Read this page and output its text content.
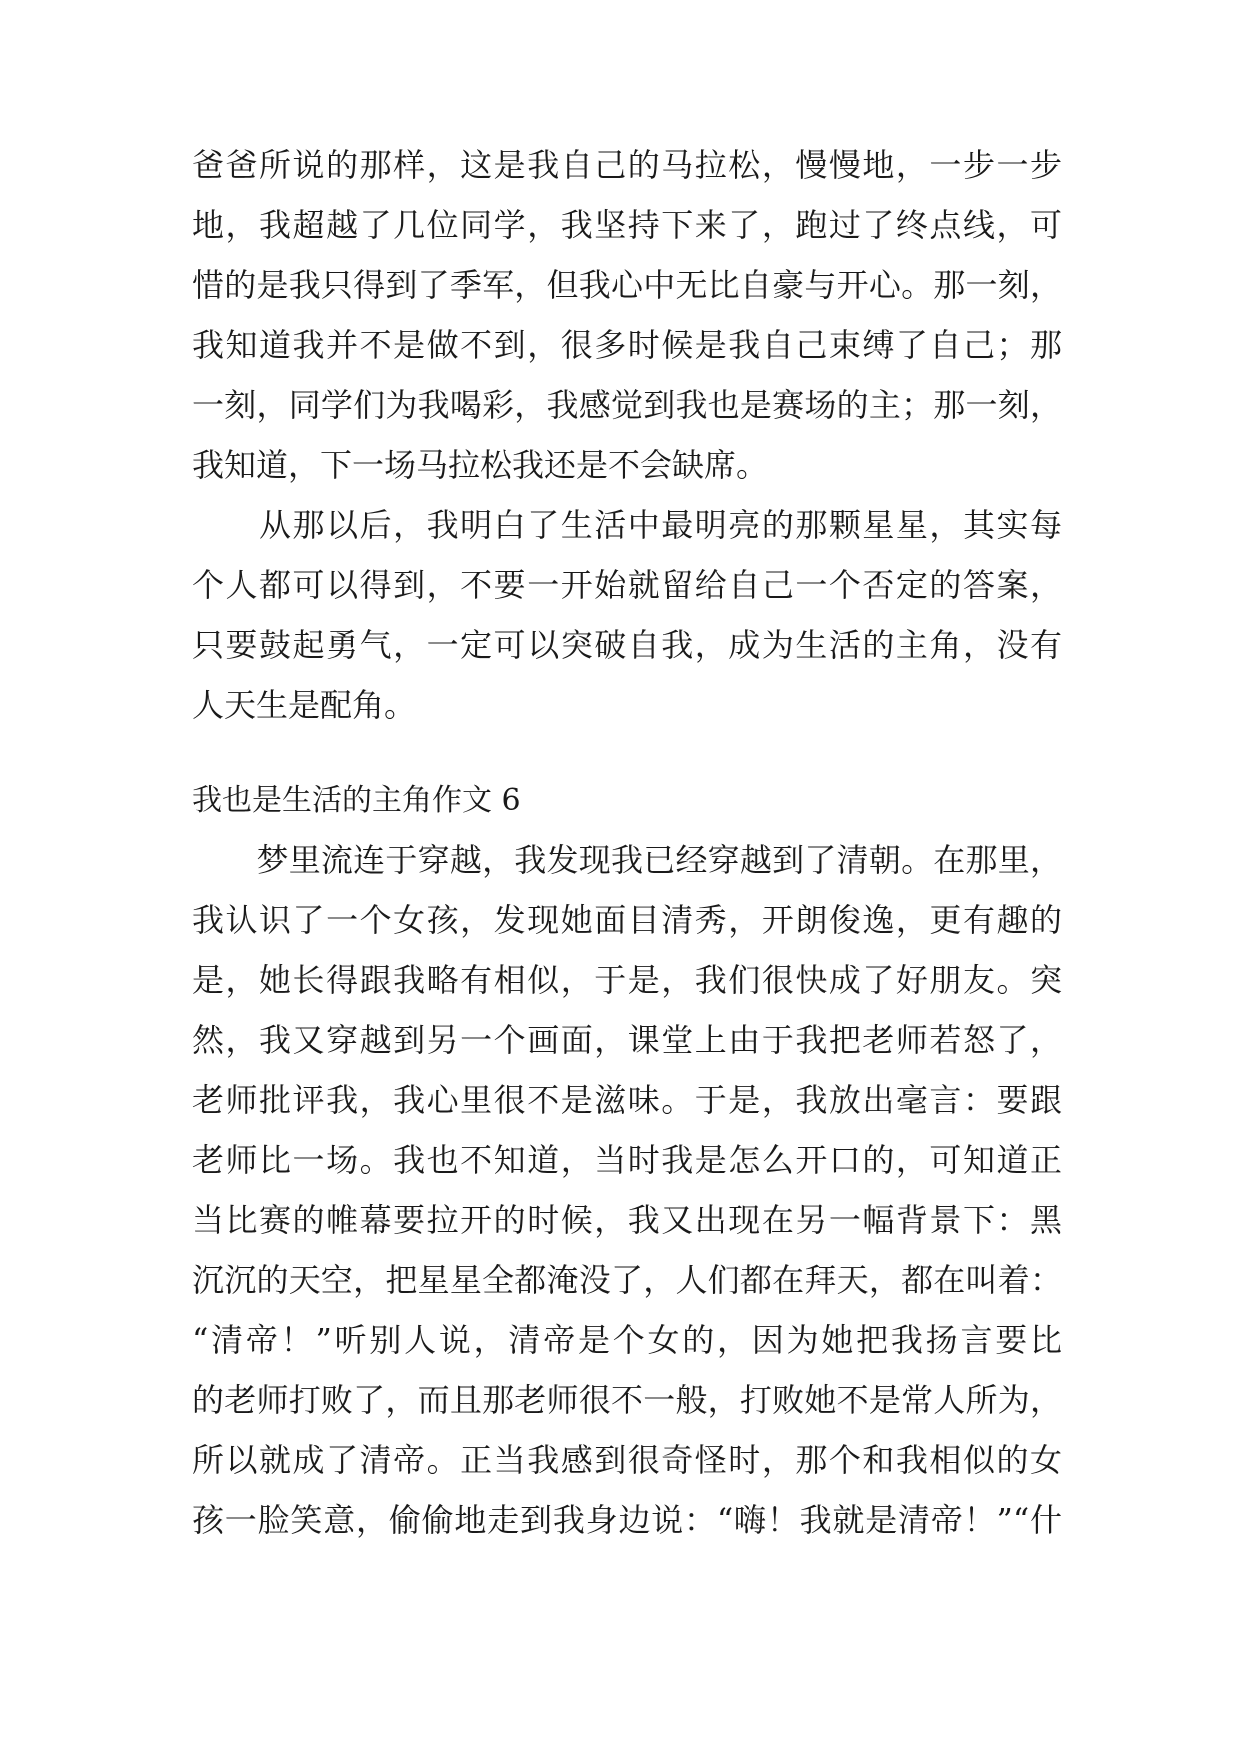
爸爸所说的那样，这是我自己的马拉松，慢慢地，一步一步
地，我超越了几位同学，我坚持下来了，跑过了终点线，可
惜的是我只得到了季军，但我心中无比自豪与开心。那一刻，
我知道我并不是做不到，很多时候是我自己束缚了自己；那
一刻，同学们为我喝彩，我感觉到我也是赛场的主；那一刻，
我知道，下一场马拉松我还是不会缺席。
　　从那以后，我明白了生活中最明亮的那颗星星，其实每
个人都可以得到，不要一开始就留给自己一个否定的答案，
只要鼓起勇气，一定可以突破自我，成为生活的主角，没有
人天生是配角。
我也是生活的主角作文 6
　　梦里流连于穿越，我发现我已经穿越到了清朝。在那里，
我认识了一个女孩，发现她面目清秀，开朗俊逸，更有趣的
是，她长得跟我略有相似，于是，我们很快成了好朋友。突
然，我又穿越到另一个画面，课堂上由于我把老师若怒了，
老师批评我，我心里很不是滋味。于是，我放出毫言：要跟
老师比一场。我也不知道，当时我是怎么开口的，可知道正
当比赛的帷幕要拉开的时候，我又出现在另一幅背景下：黑
沉沉的天空，把星星全都淹没了，人们都在拜天，都在叫着：
“清帝！”听别人说，清帝是个女的，因为她把我扬言要比
的老师打败了，而且那老师很不一般，打败她不是常人所为，
所以就成了清帝。正当我感到很奇怪时，那个和我相似的女
孩一脸笑意，偷偷地走到我身边说：“嗨！我就是清帝！”“什
